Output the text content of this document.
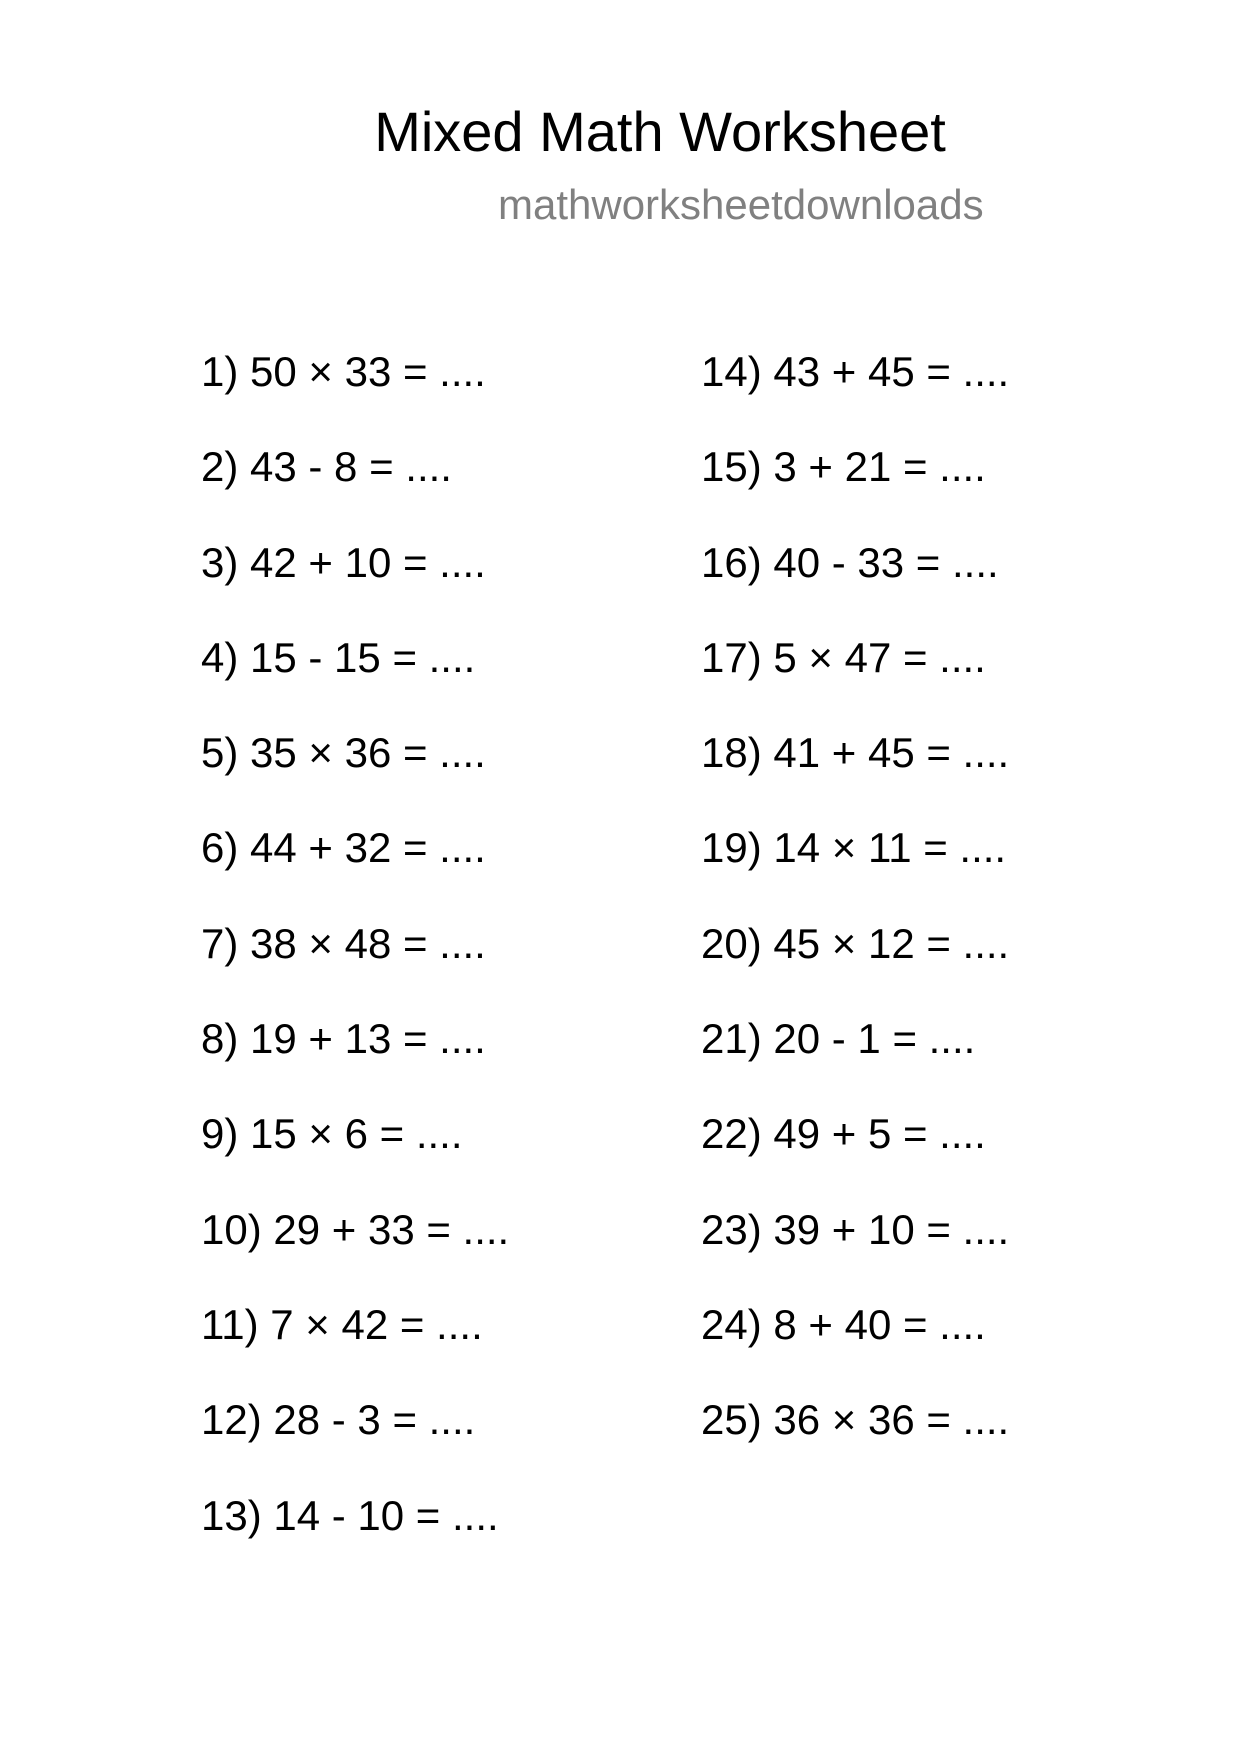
Mixed Math Worksheet
mathworksheetdownloads
1) 50 × 33 = ....
2) 43 - 8 = ....
3) 42 + 10 = ....
4) 15 - 15 = ....
5) 35 × 36 = ....
6) 44 + 32 = ....
7) 38 × 48 = ....
8) 19 + 13 = ....
9) 15 × 6 = ....
10) 29 + 33 = ....
11) 7 × 42 = ....
12) 28 - 3 = ....
13) 14 - 10 = ....
14) 43 + 45 = ....
15) 3 + 21 = ....
16) 40 - 33 = ....
17) 5 × 47 = ....
18) 41 + 45 = ....
19) 14 × 11 = ....
20) 45 × 12 = ....
21) 20 - 1 = ....
22) 49 + 5 = ....
23) 39 + 10 = ....
24) 8 + 40 = ....
25) 36 × 36 = ....
